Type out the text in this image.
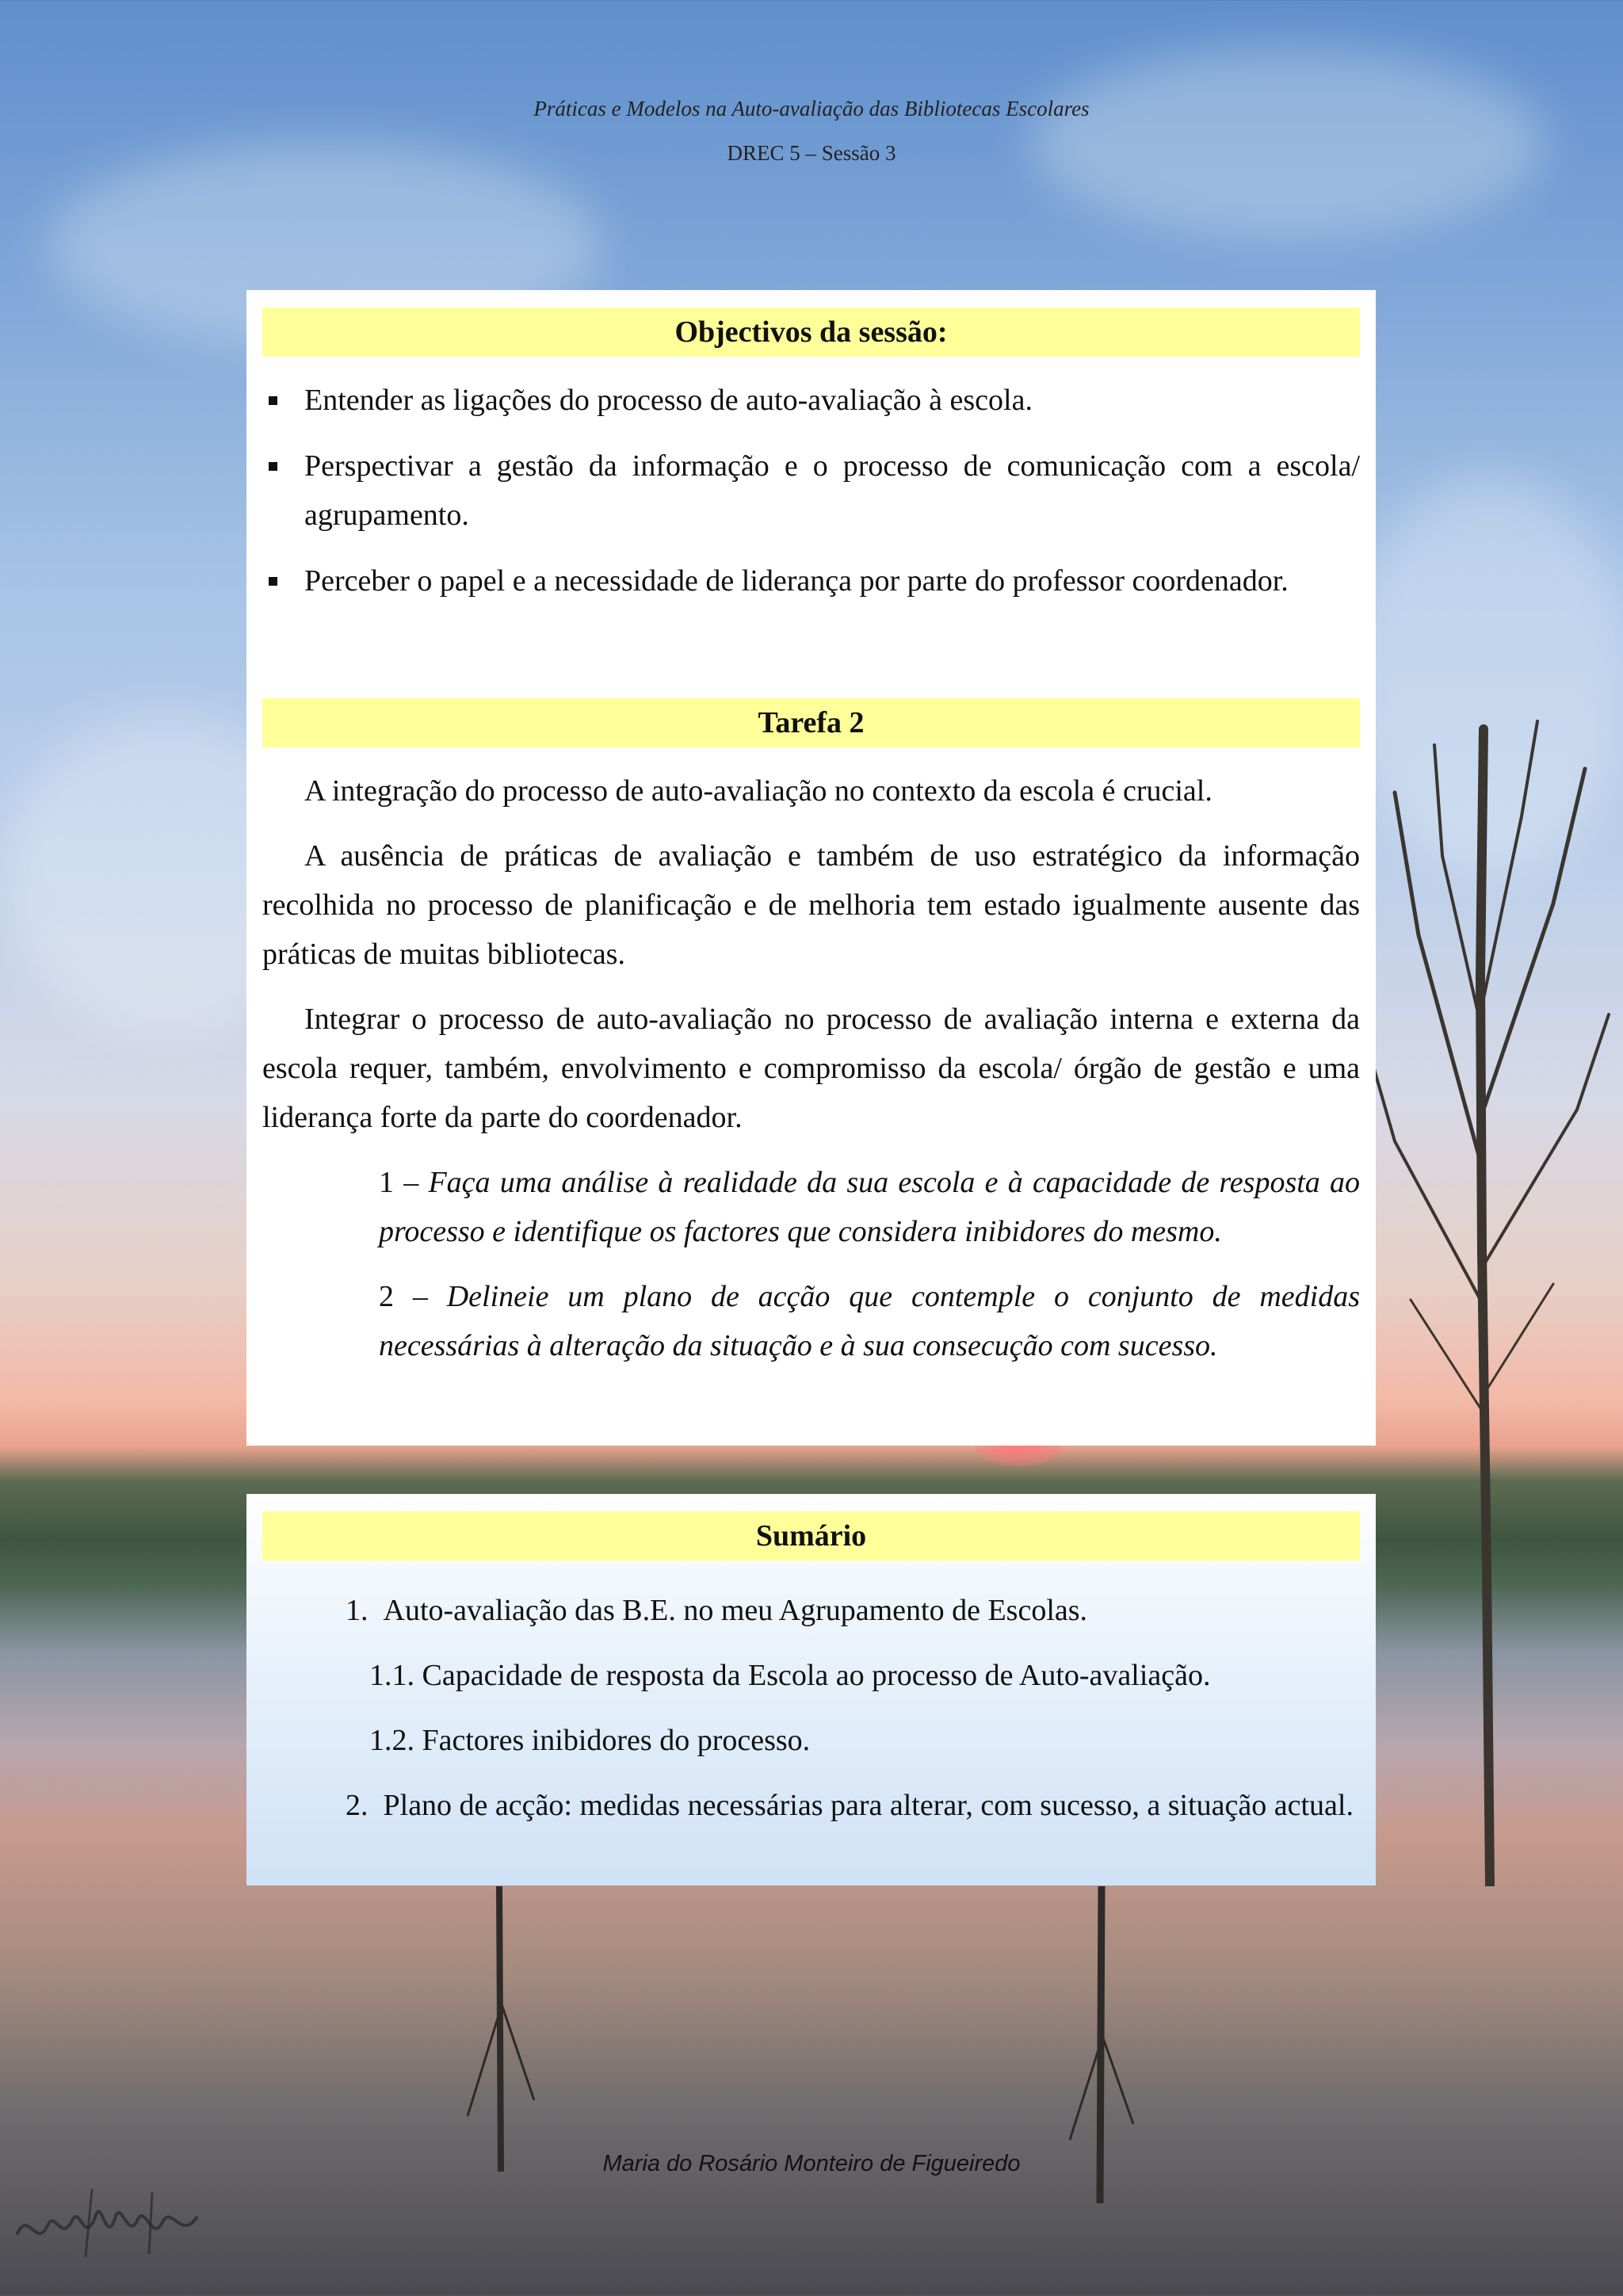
Práticas e Modelos na Auto-avaliação das Bibliotecas Escolares
DREC 5 – Sessão 3
Objectivos da sessão:
Entender as ligações do processo de auto-avaliação à escola.
Perspectivar a gestão da informação e o processo de comunicação com a escola/ agrupamento.
Perceber o papel e a necessidade de liderança por parte do professor coordenador.
Tarefa 2

A integração do processo de auto-avaliação no contexto da escola é crucial.

A ausência de práticas de avaliação e também de uso estratégico da informação recolhida no processo de planificação e de melhoria tem estado igualmente ausente das práticas de muitas bibliotecas.

Integrar o processo de auto-avaliação no processo de avaliação interna e externa da escola requer, também, envolvimento e compromisso da escola/ órgão de gestão e uma liderança forte da parte do coordenador.

1 – Faça uma análise à realidade da sua escola e à capacidade de resposta ao processo e identifique os factores que considera inibidores do mesmo.

2 – Delineie um plano de acção que contemple o conjunto de medidas necessárias à alteração da situação e à sua consecução com sucesso.

Sumário
1. Auto-avaliação das B.E. no meu Agrupamento de Escolas.
1.1. Capacidade de resposta da Escola ao processo de Auto-avaliação.
1.2. Factores inibidores do processo.
2. Plano de acção: medidas necessárias para alterar, com sucesso, a situação actual.
Maria do Rosário Monteiro de Figueiredo
